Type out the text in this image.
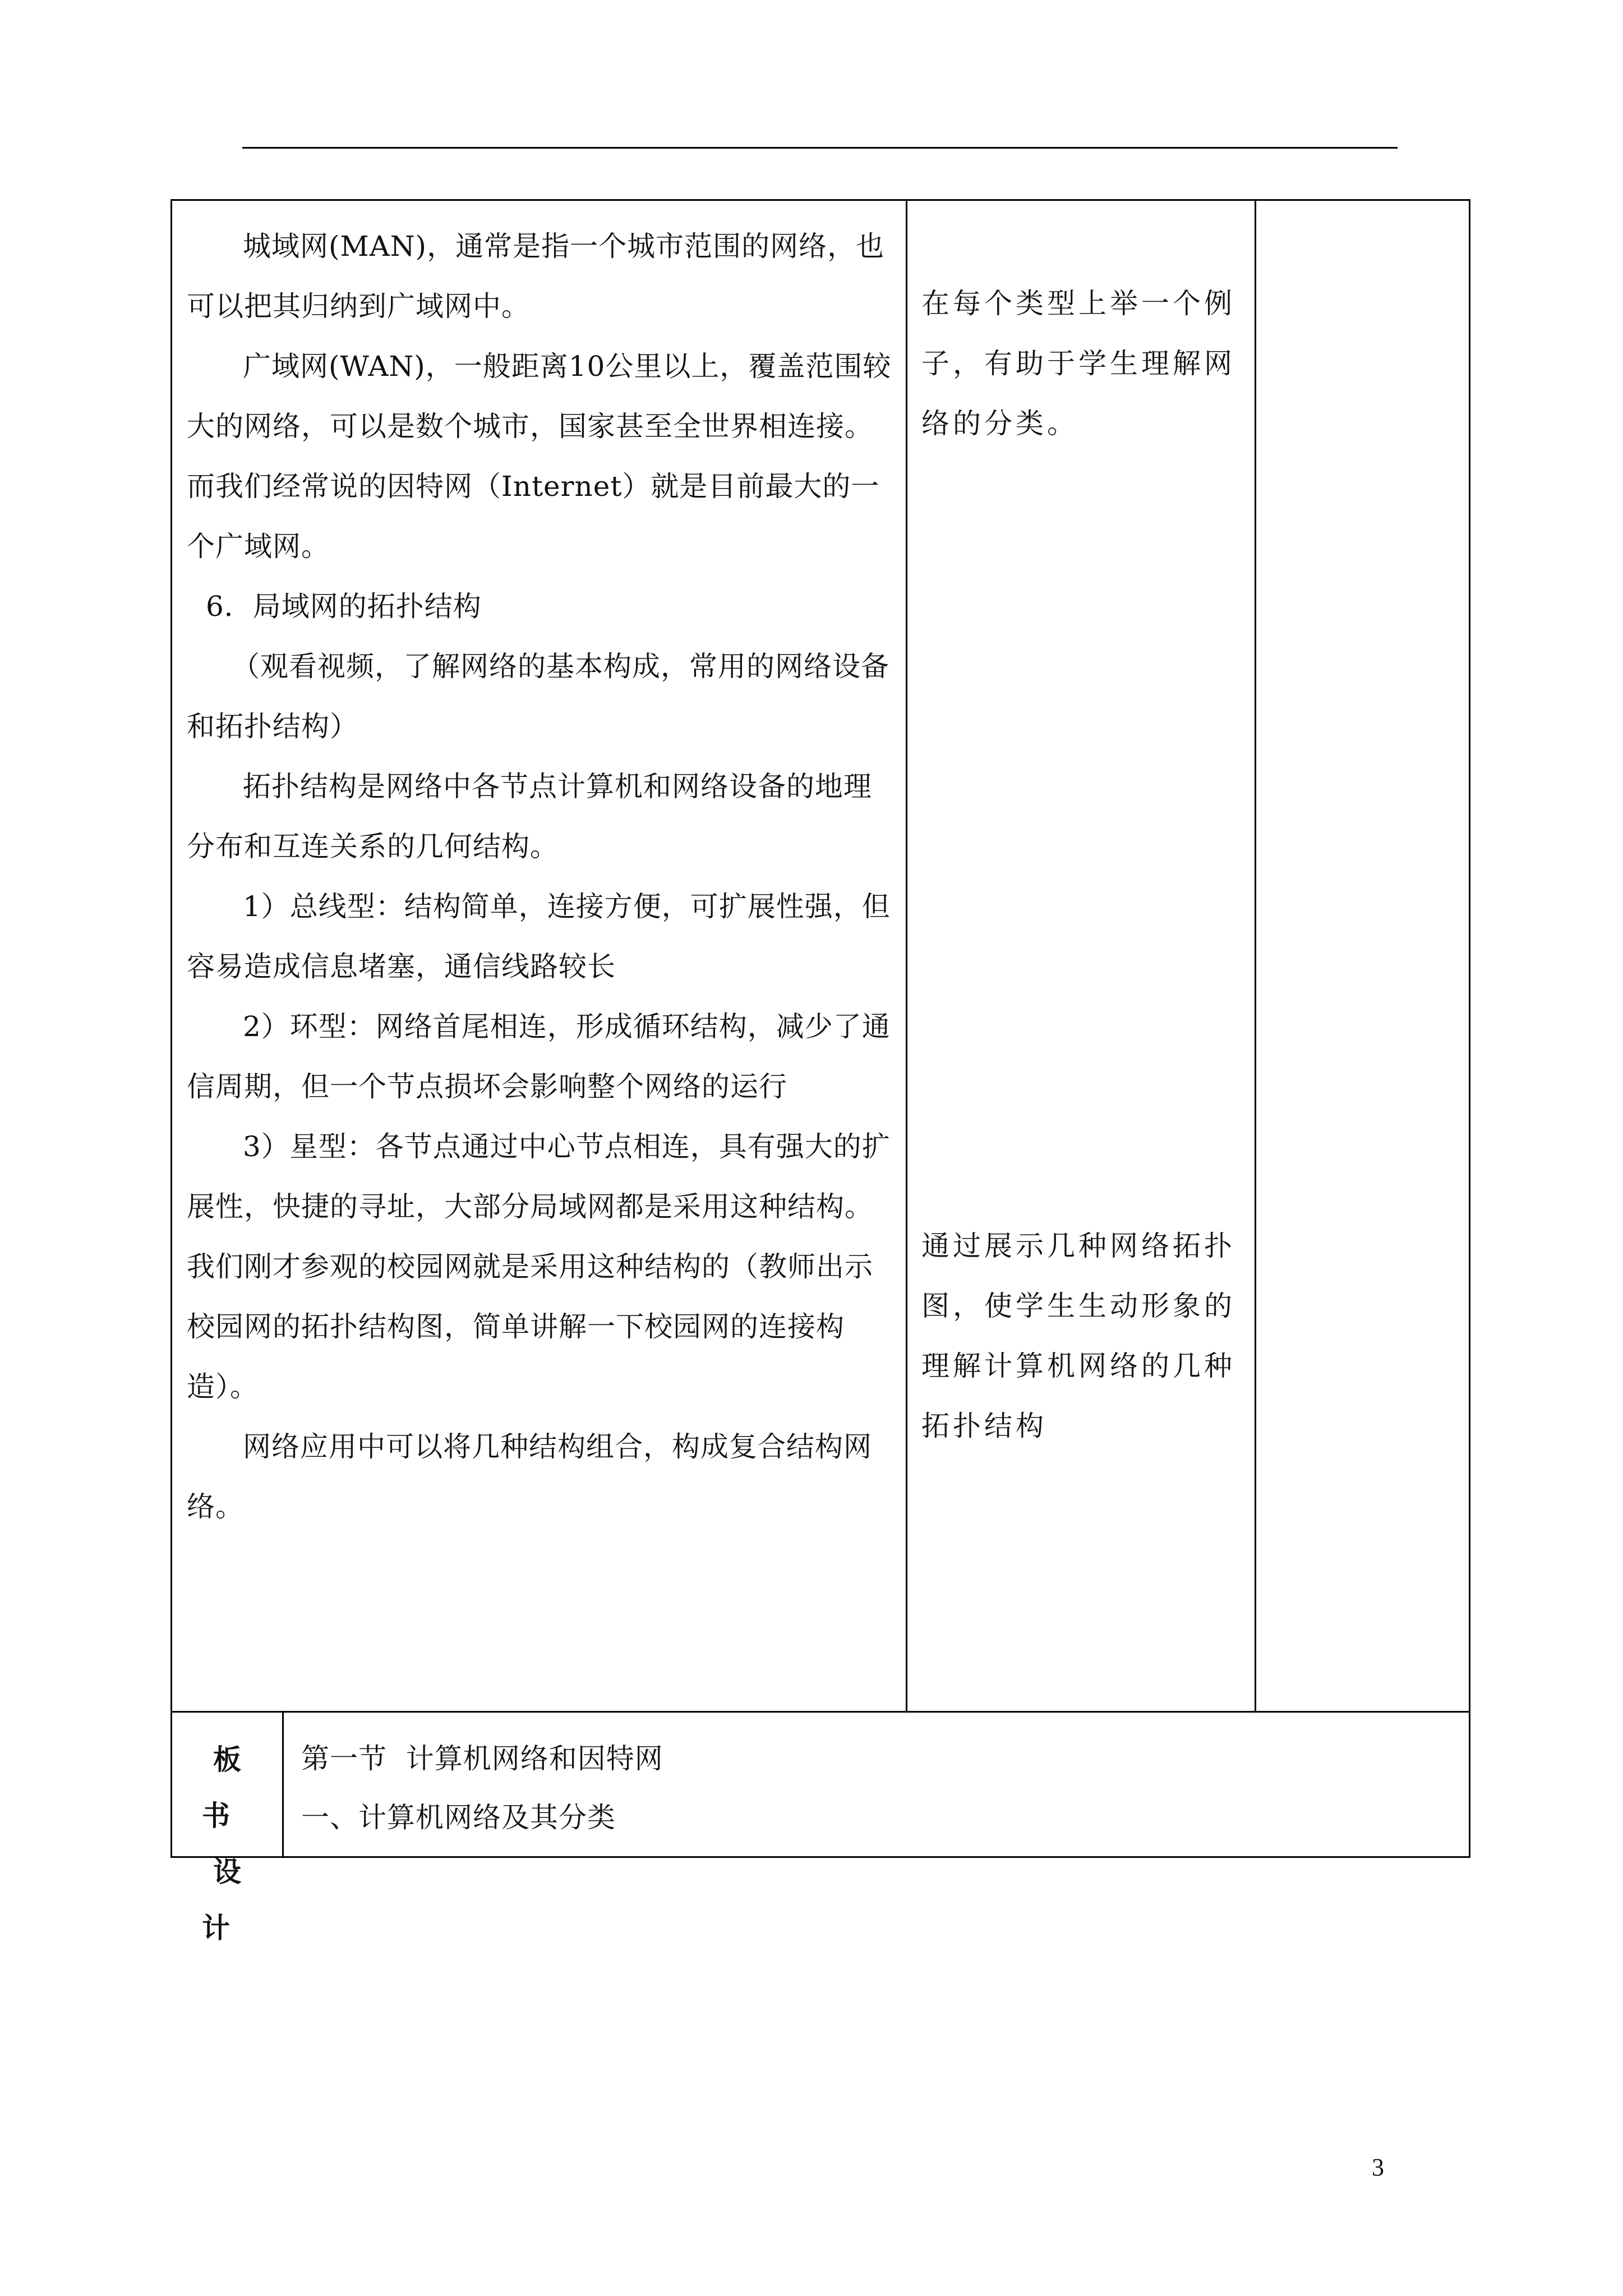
城域网(MAN)，通常是指一个城市范围的网络，也可以把其归纳到广域网中。

广域网(WAN)，一般距离10公里以上，覆盖范围较大的网络，可以是数个城市，国家甚至全世界相连接。而我们经常说的因特网（Internet）就是目前最大的一个广域网。

6．局域网的拓扑结构

（观看视频，了解网络的基本构成，常用的网络设备和拓扑结构）

拓扑结构是网络中各节点计算机和网络设备的地理分布和互连关系的几何结构。

1）总线型：结构简单，连接方便，可扩展性强，但容易造成信息堵塞，通信线路较长

2）环型：网络首尾相连，形成循环结构，减少了通信周期，但一个节点损坏会影响整个网络的运行

3）星型：各节点通过中心节点相连，具有强大的扩展性，快捷的寻址，大部分局域网都是采用这种结构。我们刚才参观的校园网就是采用这种结构的（教师出示校园网的拓扑结构图，简单讲解一下校园网的连接构造）。

网络应用中可以将几种结构组合，构成复合结构网络。

在每个类型上举一个例子，有助于学生理解网络的分类。
通过展示几种网络拓扑图，使学生生动形象的理解计算机网络的几种拓扑结构
板书
设计
第一节  计算机网络和因特网
一、计算机网络及其分类
3
